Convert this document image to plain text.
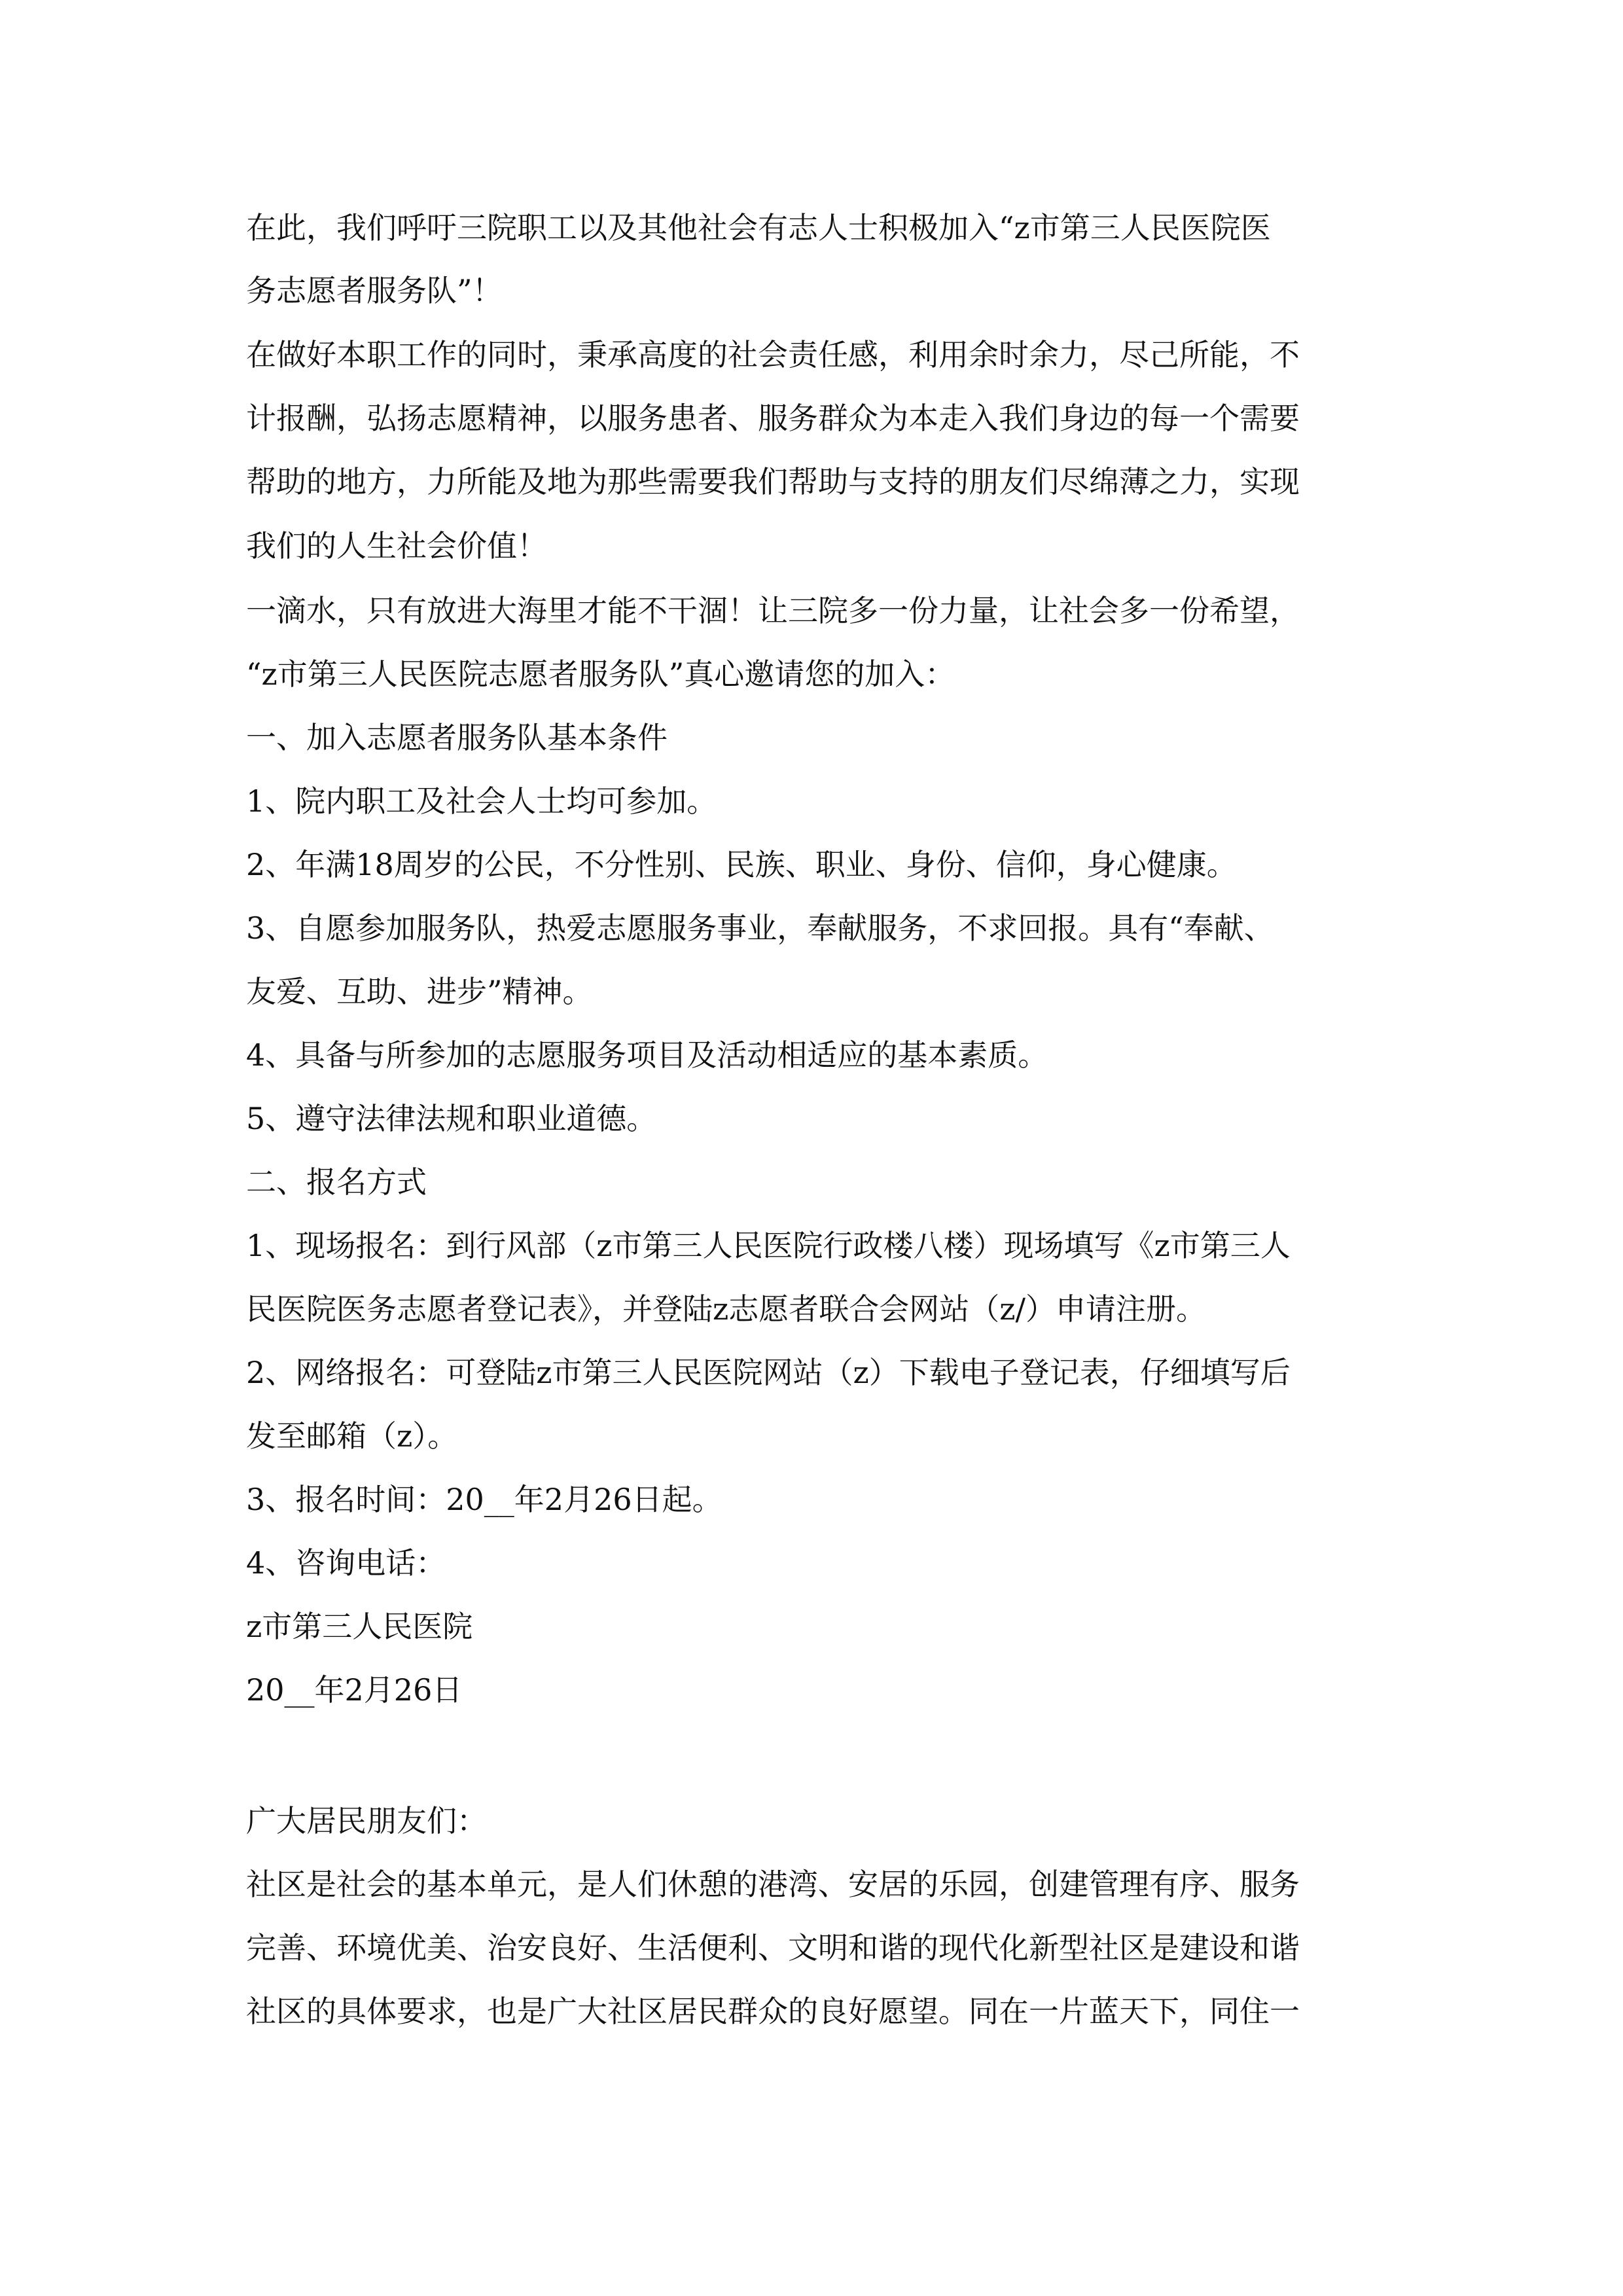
在此，我们呼吁三院职工以及其他社会有志人士积极加入“z市第三人民医院医
务志愿者服务队”！
在做好本职工作的同时，秉承高度的社会责任感，利用余时余力，尽己所能，不
计报酬，弘扬志愿精神，以服务患者、服务群众为本走入我们身边的每一个需要
帮助的地方，力所能及地为那些需要我们帮助与支持的朋友们尽绵薄之力，实现
我们的人生社会价值！
一滴水，只有放进大海里才能不干涸！让三院多一份力量，让社会多一份希望，
“z市第三人民医院志愿者服务队”真心邀请您的加入：
一、加入志愿者服务队基本条件
1、院内职工及社会人士均可参加。
2、年满18周岁的公民，不分性别、民族、职业、身份、信仰，身心健康。
3、自愿参加服务队，热爱志愿服务事业，奉献服务，不求回报。具有“奉献、
友爱、互助、进步”精神。
4、具备与所参加的志愿服务项目及活动相适应的基本素质。
5、遵守法律法规和职业道德。
二、报名方式
1、现场报名：到行风部（z市第三人民医院行政楼八楼）现场填写《z市第三人
民医院医务志愿者登记表》，并登陆z志愿者联合会网站（z/）申请注册。
2、网络报名：可登陆z市第三人民医院网站（z）下载电子登记表，仔细填写后
发至邮箱（z）。
3、报名时间：20__年2月26日起。
4、咨询电话：
z市第三人民医院
20__年2月26日
广大居民朋友们：
社区是社会的基本单元，是人们休憩的港湾、安居的乐园，创建管理有序、服务
完善、环境优美、治安良好、生活便利、文明和谐的现代化新型社区是建设和谐
社区的具体要求，也是广大社区居民群众的良好愿望。同在一片蓝天下，同住一
